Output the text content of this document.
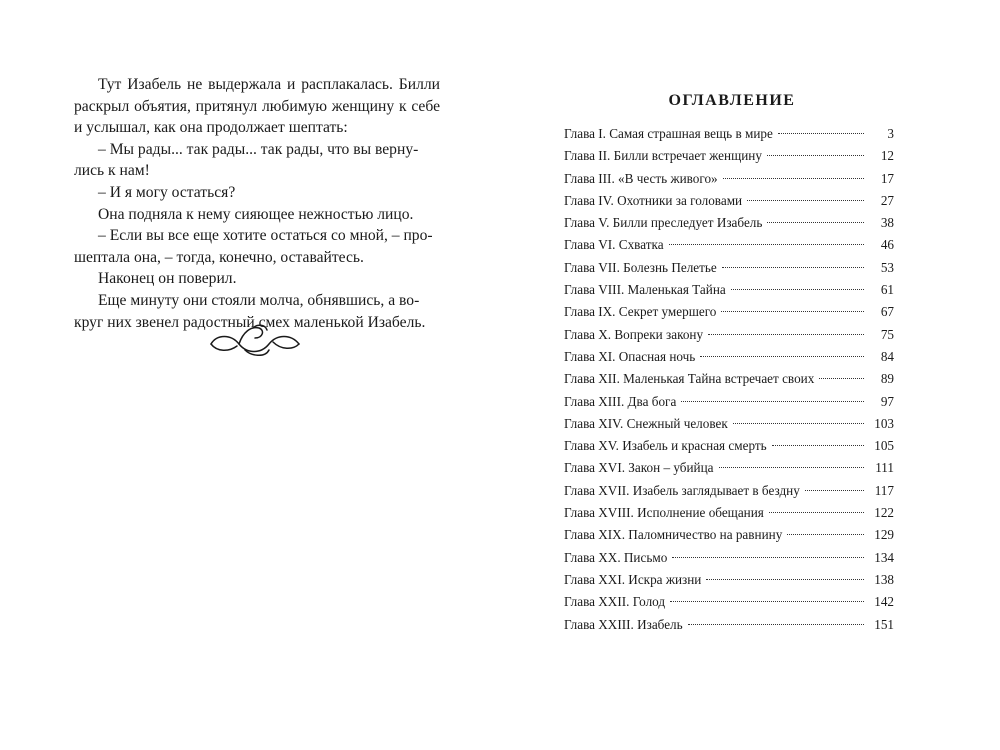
Тут Изабель не выдержала и расплакалась. Билли раскрыл объятия, притянул любимую женщину к себе и услышал, как она продолжает шептать:

– Мы рады... так рады... так рады, что вы верну-
лись к нам!

– И я могу остаться?

Она подняла к нему сияющее нежностью лицо.

– Если вы все еще хотите остаться со мной, – про-
шептала она, – тогда, конечно, оставайтесь.

Наконец он поверил.

Еще минуту они стояли молча, обнявшись, а во-
круг них звенел радостный смех маленькой Изабель.

ОГЛАВЛЕНИЕ
Глава I. Самая страшная вещь в мире	3
Глава II. Билли встречает женщину	12
Глава III. «В честь живого»	17
Глава IV. Охотники за головами	27
Глава V. Билли преследует Изабель	38
Глава VI. Схватка	46
Глава VII. Болезнь Пелетье	53
Глава VIII. Маленькая Тайна	61
Глава IX. Секрет умершего	67
Глава X. Вопреки закону	75
Глава XI. Опасная ночь	84
Глава XII. Маленькая Тайна встречает своих	89
Глава XIII. Два бога	97
Глава XIV. Снежный человек	103
Глава XV. Изабель и красная смерть	105
Глава XVI. Закон – убийца	111
Глава XVII. Изабель заглядывает в бездну	117
Глава XVIII. Исполнение обещания	122
Глава XIX. Паломничество на равнину	129
Глава XX. Письмо	134
Глава XXI. Искра жизни	138
Глава XXII. Голод	142
Глава XXIII. Изабель	151
